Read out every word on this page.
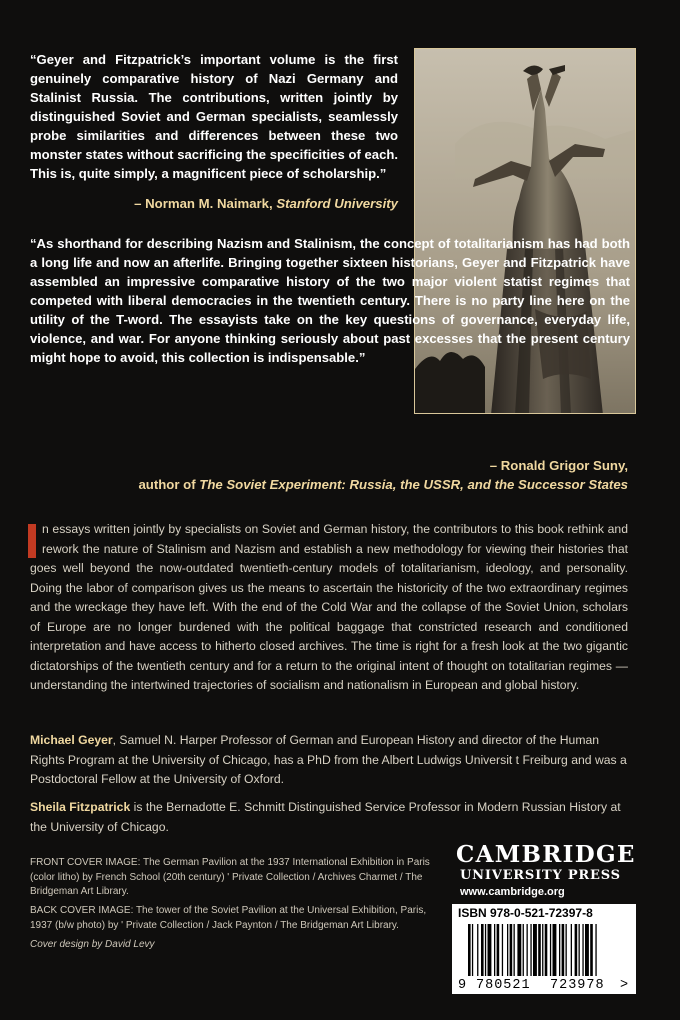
“Geyer and Fitzpatrick’s important volume is the first genuinely comparative history of Nazi Germany and Stalinist Russia. The contributions, written jointly by distinguished Soviet and German specialists, seamlessly probe similarities and differences between these two monster states without sacrificing the specificities of each. This is, quite simply, a magnificent piece of scholarship.”

– Norman M. Naimark, Stanford University

“As shorthand for describing Nazism and Stalinism, the concept of totalitarianism has had both a long life and now an afterlife. Bringing together sixteen historians, Geyer and Fitzpatrick have assembled an impressive comparative history of the two major violent statist regimes that competed with liberal democracies in the twentieth century. There is no party line here on the utility of the T-word. The essayists take on the key questions of governance, everyday life, violence, and war. For anyone thinking seriously about past excesses that the present century might hope to avoid, this collection is indispensable.”

– Ronald Grigor Suny,
author of The Soviet Experiment: Russia, the USSR, and the Successor States

n essays written jointly by specialists on Soviet and German history, the contributors to this book rethink and rework the nature of Stalinism and Nazism and establish a new methodology for viewing their histories that goes well beyond the now-outdated twentieth-century models of totalitarianism, ideology, and personality. Doing the labor of comparison gives us the means to ascertain the historicity of the two extraordinary regimes and the wreckage they have left. With the end of the Cold War and the collapse of the Soviet Union, scholars of Europe are no longer burdened with the political baggage that constricted research and conditioned interpretation and have access to hitherto closed archives. The time is right for a fresh look at the two gigantic dictatorships of the twentieth century and for a return to the original intent of thought on totalitarian regimes — understanding the intertwined trajectories of socialism and nationalism in European and global history.

Michael Geyer, Samuel N. Harper Professor of German and European History and director of the Human Rights Program at the University of Chicago, has a PhD from the Albert Ludwigs Universit t Freiburg and was a Postdoctoral Fellow at the University of Oxford.

Sheila Fitzpatrick is the Bernadotte E. Schmitt Distinguished Service Professor in Modern Russian History at the University of Chicago.

FRONT COVER IMAGE: The German Pavilion at the 1937 International Exhibition in Paris (color litho) by French School (20th century) ' Private Collection / Archives Charmet / The Bridgeman Art Library.

BACK COVER IMAGE: The tower of the Soviet Pavilion at the Universal Exhibition, Paris, 1937 (b/w photo) by ' Private Collection / Jack Paynton / The Bridgeman Art Library.

Cover design by David Levy

CAMBRIDGE
UNIVERSITY PRESS
www.cambridge.org
ISBN 978-0-521-72397-8
9 780521 723978 >
